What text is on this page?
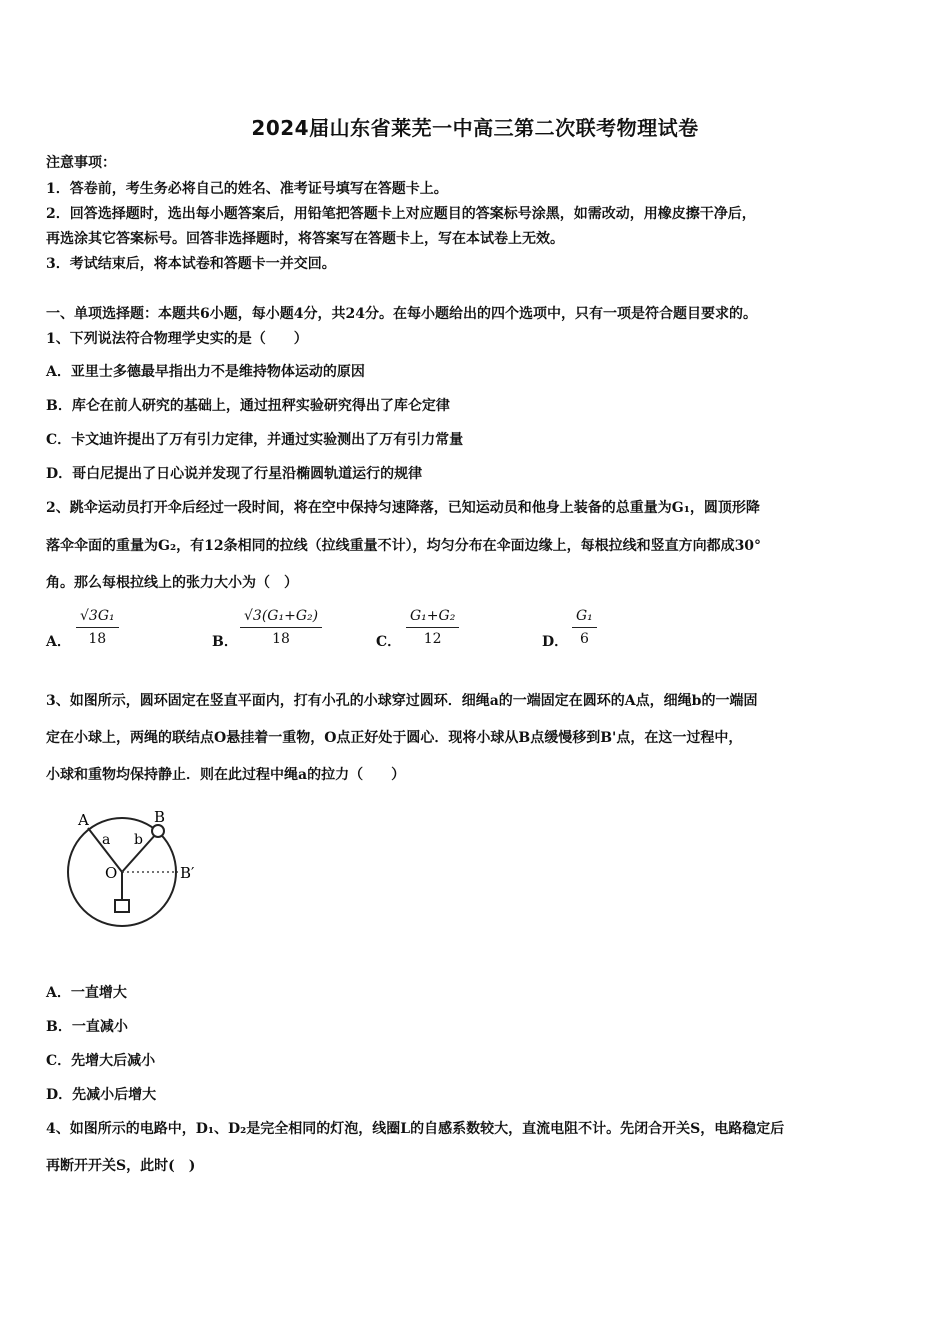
2024届山东省莱芜一中高三第二次联考物理试卷
注意事项：
1．答卷前，考生务必将自己的姓名、准考证号填写在答题卡上。
2．回答选择题时，选出每小题答案后，用铅笔把答题卡上对应题目的答案标号涂黑，如需改动，用橡皮擦干净后，
再选涂其它答案标号。回答非选择题时，将答案写在答题卡上，写在本试卷上无效。
3．考试结束后，将本试卷和答题卡一并交回。
一、单项选择题：本题共6小题，每小题4分，共24分。在每小题给出的四个选项中，只有一项是符合题目要求的。
1、下列说法符合物理学史实的是（　　）
A．亚里士多德最早指出力不是维持物体运动的原因
B．库仑在前人研究的基础上，通过扭秤实验研究得出了库仑定律
C．卡文迪许提出了万有引力定律，并通过实验测出了万有引力常量
D．哥白尼提出了日心说并发现了行星沿椭圆轨道运行的规律
2、跳伞运动员打开伞后经过一段时间，将在空中保持匀速降落，已知运动员和他身上装备的总重量为G₁，圆顶形降
落伞伞面的重量为G₂，有12条相同的拉线（拉线重量不计），均匀分布在伞面边缘上，每根拉线和竖直方向都成30°
角。那么每根拉线上的张力大小为（　）
A． $\frac{\text{√3G₁}}{18}$	B． $\frac{\text{√3(G₁+G₂)}}{18}$	C． $\frac{\text{G₁+G₂}}{12}$	D． $\frac{\text{G₁}}{6}$
3、如图所示，圆环固定在竖直平面内，打有小孔的小球穿过圆环．细绳a的一端固定在圆环的A点，细绳b的一端固
定在小球上，两绳的联结点O悬挂着一重物，O点正好处于圆心．现将小球从B点缓慢移到B'点，在这一过程中，
小球和重物均保持静止．则在此过程中绳a的拉力（　　）
A	B
a b
O	B′
A．一直增大
B．一直减小
C．先增大后减小
D．先减小后增大
4、如图所示的电路中，D₁、D₂是完全相同的灯泡，线圈L的自感系数较大，直流电阻不计。先闭合开关S，电路稳定后
再断开开关S，此时(　)
